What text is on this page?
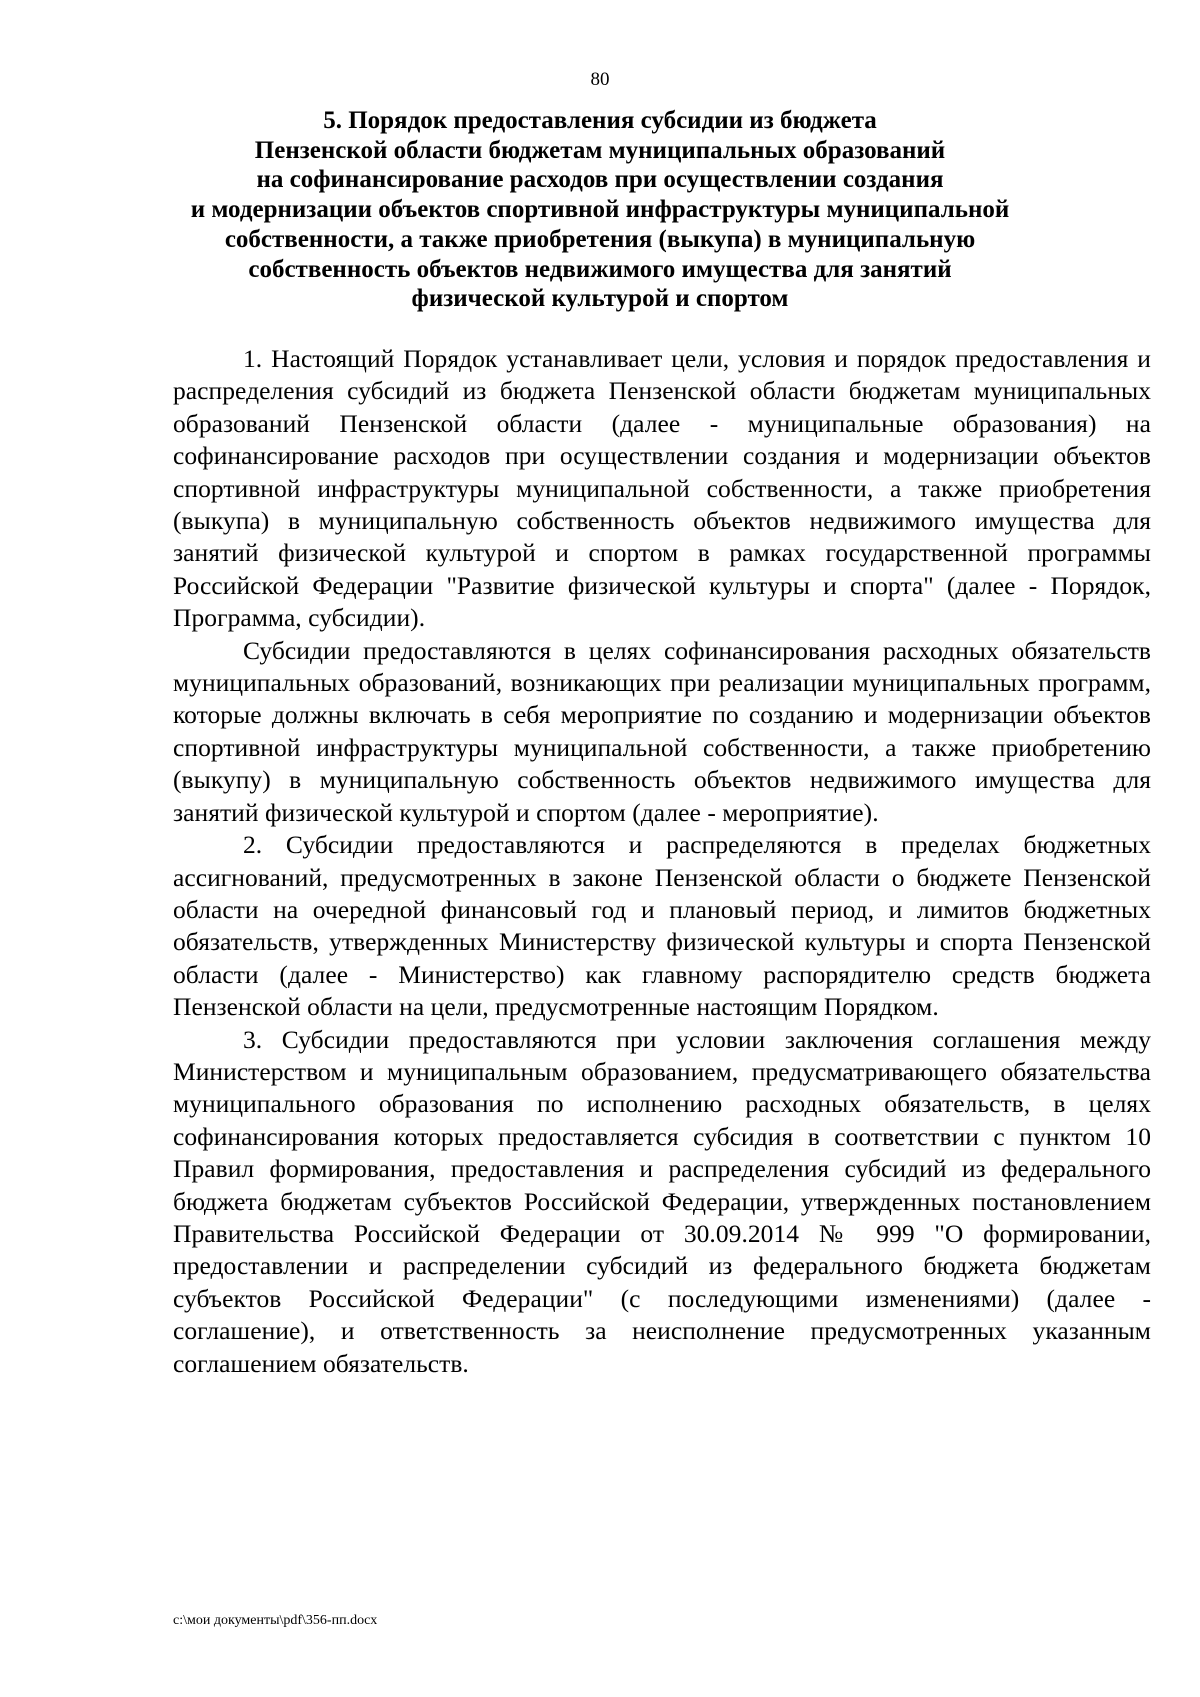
80
5. Порядок предоставления субсидии из бюджета
Пензенской области бюджетам муниципальных образований
на софинансирование расходов при осуществлении создания
и модернизации объектов спортивной инфраструктуры муниципальной
собственности, а также приобретения (выкупа) в муниципальную
собственность объектов недвижимого имущества для занятий
физической культурой и спортом

1. Настоящий Порядок устанавливает цели, условия и порядок предоставления и распределения субсидий из бюджета Пензенской области бюджетам муниципальных образований Пензенской области (далее - муниципальные образования) на софинансирование расходов при осуществлении создания и модернизации объектов спортивной инфраструктуры муниципальной собственности, а также приобретения (выкупа) в муниципальную собственность объектов недвижимого имущества для занятий физической культурой и спортом в рамках государственной программы Российской Федерации "Развитие физической культуры и спорта" (далее - Порядок, Программа, субсидии).

Субсидии предоставляются в целях софинансирования расходных обязательств муниципальных образований, возникающих при реализации муниципальных программ, которые должны включать в себя мероприятие по созданию и модернизации объектов спортивной инфраструктуры муниципальной собственности, а также приобретению (выкупу) в муниципальную собственность объектов недвижимого имущества для занятий физической культурой и спортом (далее - мероприятие).

2. Субсидии предоставляются и распределяются в пределах бюджетных ассигнований, предусмотренных в законе Пензенской области о бюджете Пензенской области на очередной финансовый год и плановый период, и лимитов бюджетных обязательств, утвержденных Министерству физической культуры и спорта Пензенской области (далее - Министерство) как главному распорядителю средств бюджета Пензенской области на цели, предусмотренные настоящим Порядком.

3. Субсидии предоставляются при условии заключения соглашения между Министерством и муниципальным образованием, предусматривающего обязательства муниципального образования по исполнению расходных обязательств, в целях софинансирования которых предоставляется субсидия в соответствии с пунктом 10 Правил формирования, предоставления и распределения субсидий из федерального бюджета бюджетам субъектов Российской Федерации, утвержденных постановлением Правительства Российской Федерации от 30.09.2014 № 999 "О формировании, предоставлении и распределении субсидий из федерального бюджета бюджетам субъектов Российской Федерации" (с последующими изменениями) (далее - соглашение), и ответственность за неисполнение предусмотренных указанным соглашением обязательств.

c:\мои документы\pdf\356-пп.docx
